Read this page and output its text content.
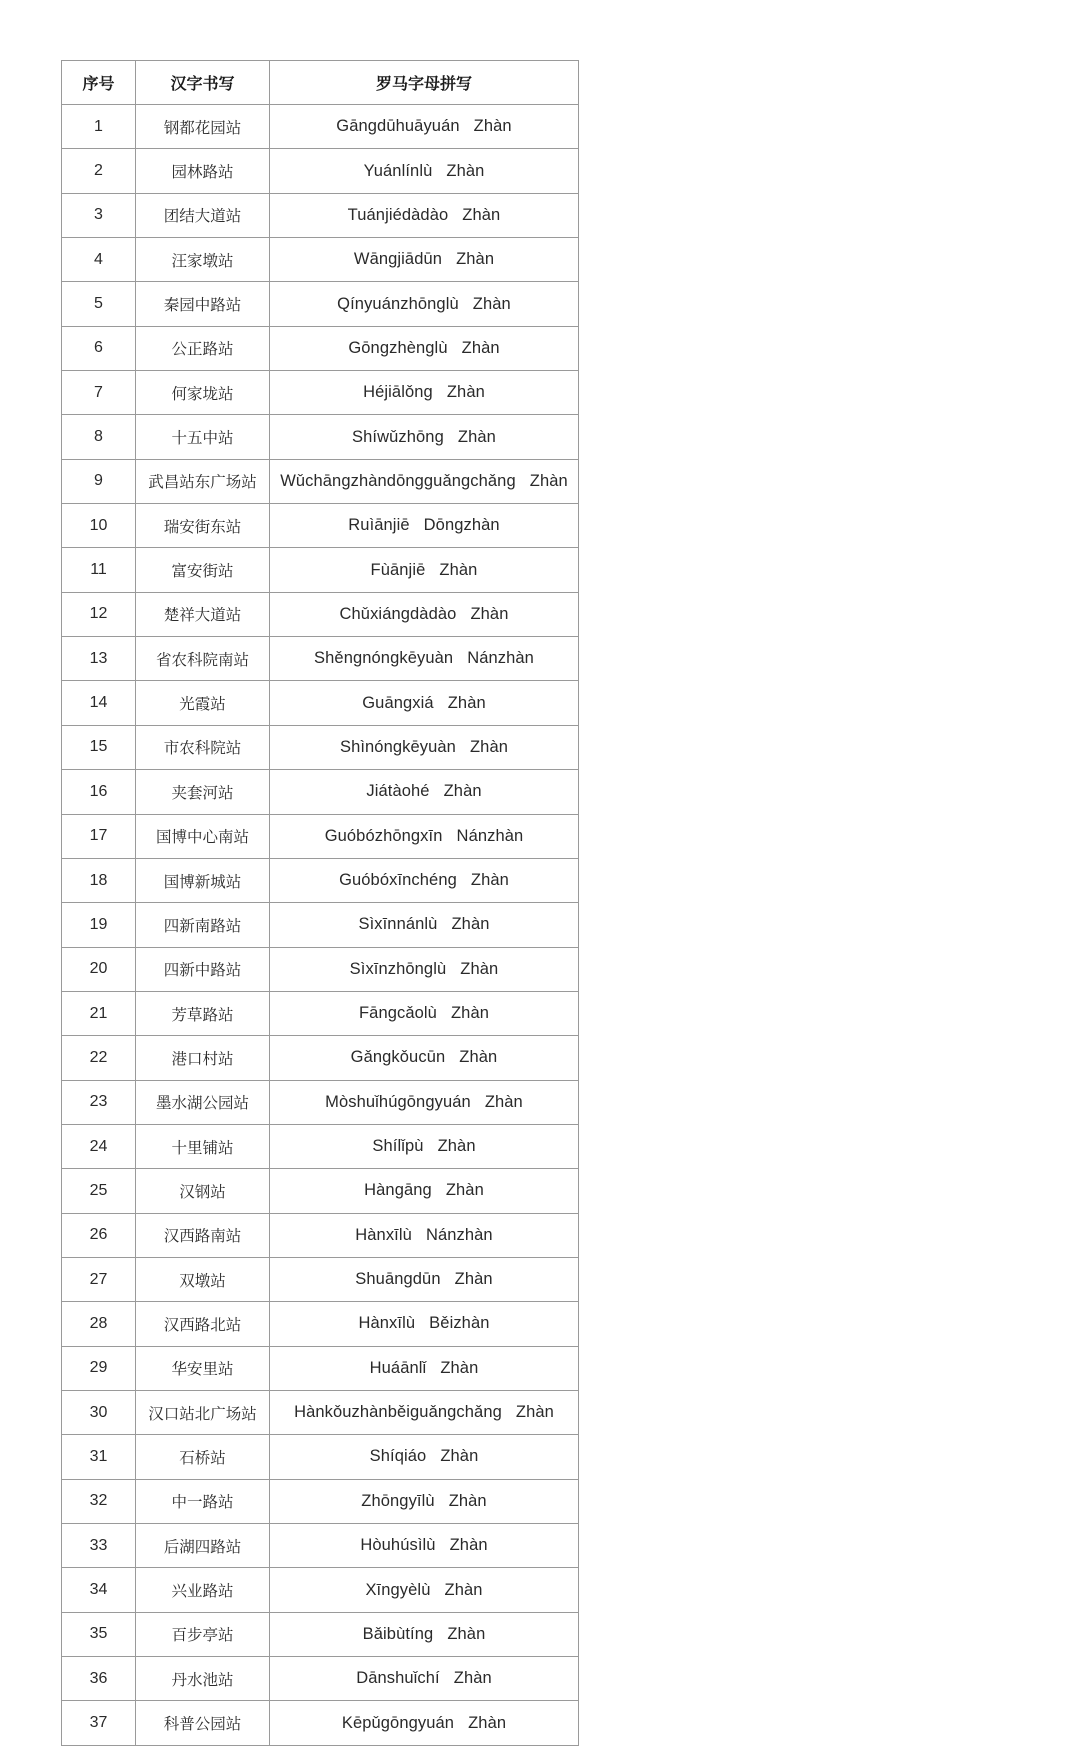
序号	汉字书写	罗马字母拼写
1	钢都花园站	Gāngdūhuāyuán   Zhàn
2	园林路站	Yuánlínlù   Zhàn
3	团结大道站	Tuánjiédàdào   Zhàn
4	汪家墩站	Wāngjiādūn   Zhàn
5	秦园中路站	Qínyuánzhōnglù   Zhàn
6	公正路站	Gōngzhènglù   Zhàn
7	何家垅站	Héjiālǒng   Zhàn
8	十五中站	Shíwǔzhōng   Zhàn
9	武昌站东广场站	Wǔchāngzhàndōngguǎngchǎng   Zhàn
10	瑞安街东站	Ruìānjiē   Dōngzhàn
11	富安街站	Fùānjiē   Zhàn
12	楚祥大道站	Chǔxiángdàdào   Zhàn
13	省农科院南站	Shěngnóngkēyuàn   Nánzhàn
14	光霞站	Guāngxiá   Zhàn
15	市农科院站	Shìnóngkēyuàn   Zhàn
16	夹套河站	Jiátàohé   Zhàn
17	国博中心南站	Guóbózhōngxīn   Nánzhàn
18	国博新城站	Guóbóxīnchéng   Zhàn
19	四新南路站	Sìxīnnánlù   Zhàn
20	四新中路站	Sìxīnzhōnglù   Zhàn
21	芳草路站	Fāngcǎolù   Zhàn
22	港口村站	Gǎngkǒucūn   Zhàn
23	墨水湖公园站	Mòshuǐhúgōngyuán   Zhàn
24	十里铺站	Shílǐpù   Zhàn
25	汉钢站	Hàngāng   Zhàn
26	汉西路南站	Hànxīlù   Nánzhàn
27	双墩站	Shuāngdūn   Zhàn
28	汉西路北站	Hànxīlù   Běizhàn
29	华安里站	Huáānlǐ   Zhàn
30	汉口站北广场站	Hànkǒuzhànběiguǎngchǎng   Zhàn
31	石桥站	Shíqiáo   Zhàn
32	中一路站	Zhōngyīlù   Zhàn
33	后湖四路站	Hòuhúsìlù   Zhàn
34	兴业路站	Xīngyèlù   Zhàn
35	百步亭站	Bǎibùtíng   Zhàn
36	丹水池站	Dānshuǐchí   Zhàn
37	科普公园站	Kēpǔgōngyuán   Zhàn
